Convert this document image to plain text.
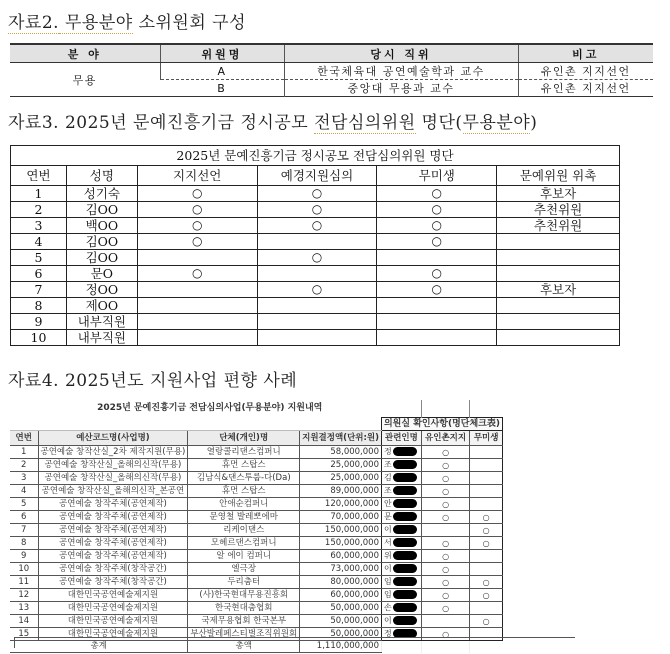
자료2. 무용분야 소위원회 구성
분 야	위원명	당시 직위	비고
무용	A	한국체육대 공연예술학과 교수	유인촌 지지선언
	B	중앙대 무용과 교수	유인촌 지지선언
자료3. 2025년 문예진흥기금 정시공모 전담심의위원 명단(무용분야)
2025년 문예진흥기금 정시공모 전담심의위원 명단					
연번	성명	지지선언	예경지원심의	무미생	문예위원 위촉
1	성기숙	○	○	○	후보자
2	김OO	○	○	○	추천위원
3	백OO	○	○	○	추천위원
4	김OO	○		○	
5	김OO		○		
6	문O	○		○	
7	정OO		○	○	후보자
8	제OO				
9	내부직원				
10	내부직원				
자료4. 2025년도 지원사업 편향 사례
	2025년 문예진흥기금 전담심의사업(무용분야) 지원내역					
				의원실 확인사항(명단체크表)		
연번	예산코드명(사업명)	단체(개인)명	지원결정액(단위:원)	관련인명	유인촌지지	무미생
1	공연예술 창작산실_2차 제작지원(무용)	열랑콜리댄스컴퍼니	58,000,000	정	○	
2	공연예술 창작산실_올해의신작(무용)	휴먼 스탑스	25,000,000	조	○	
3	공연예술 창작산실_올해의신작(무용)	김남식&댄스투룹-다(Da)	25,000,000	김	○	
4	공연예술 창작산실_올해의신작_본공연	휴먼 스탑스	89,000,000	조	○	
5	공연예술 창작주체(공연제작)	안애순컴퍼니	120,000,000	안	○	
6	공연예술 창작주체(공연제작)	문영철 발레뽀에마	70,000,000	문	○	○
7	공연예술 창작주체(공연제작)	리케이댄스	150,000,000	이		○
8	공연예술 창작주체(공연제작)	모헤르댄스컴퍼니	150,000,000	서	○	○
9	공연예술 창작주체(공연제작)	알 에이 컴퍼니	60,000,000	위	○	
10	공연예술 창작주체(창작공간)	엘극장	73,000,000	이	○	
11	공연예술 창작주체(창작공간)	두리춤터	80,000,000	임	○	○
12	대한민국공연예술제지원	(사)한국현대무용진흥회	60,000,000	임	○	○
13	대한민국공연예술제지원	한국현대춤협회	50,000,000	손	○	
14	대한민국공연예술제지원	국제무용협회 한국본부	50,000,000	이		○
15	대한민국공연예술제지원	부산발레페스티벌조직위원회	50,000,000	정	○	
총계		총액	1,110,000,000			
